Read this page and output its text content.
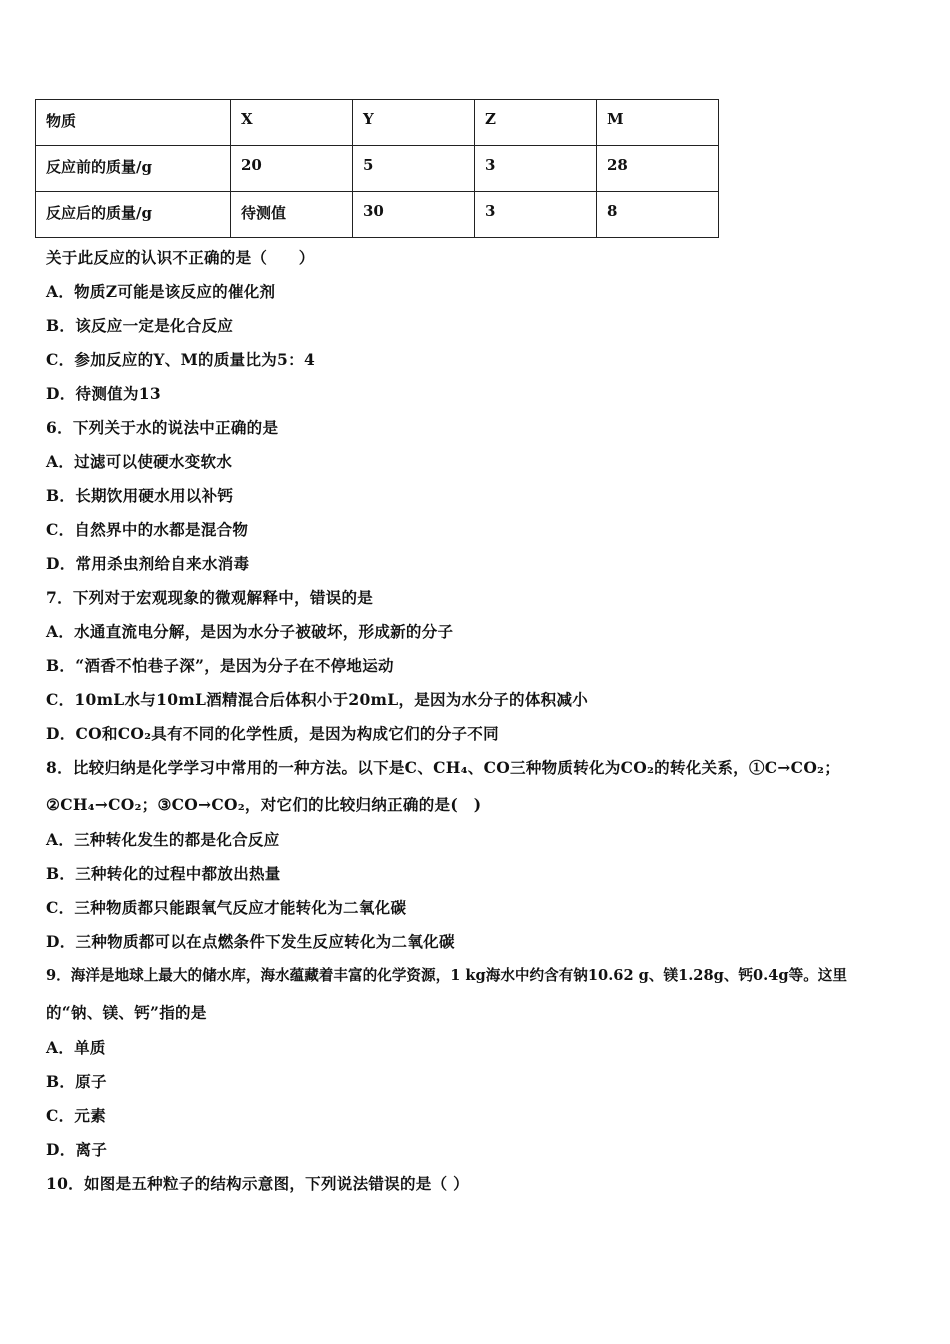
物质	X	Y	Z	M
反应前的质量/g	20	5	3	28
反应后的质量/g	待测值	30	3	8
关于此反应的认识不正确的是（　　）
A．物质Z可能是该反应的催化剂
B．该反应一定是化合反应
C．参加反应的Y、M的质量比为5：4
D．待测值为13
6．下列关于水的说法中正确的是
A．过滤可以使硬水变软水
B．长期饮用硬水用以补钙
C．自然界中的水都是混合物
D．常用杀虫剂给自来水消毒
7．下列对于宏观现象的微观解释中，错误的是
A．水通直流电分解，是因为水分子被破坏，形成新的分子
B．“酒香不怕巷子深”，是因为分子在不停地运动
C．10mL水与10mL酒精混合后体积小于20mL，是因为水分子的体积减小
D．CO和CO₂具有不同的化学性质，是因为构成它们的分子不同
8．比较归纳是化学学习中常用的一种方法。以下是C、CH₄、CO三种物质转化为CO₂的转化关系，①C→CO₂；
②CH₄→CO₂；③CO→CO₂，对它们的比较归纳正确的是(　)
A．三种转化发生的都是化合反应
B．三种转化的过程中都放出热量
C．三种物质都只能跟氧气反应才能转化为二氧化碳
D．三种物质都可以在点燃条件下发生反应转化为二氧化碳
9．海洋是地球上最大的储水库，海水蕴藏着丰富的化学资源，1 kg海水中约含有钠10.62 g、镁1.28g、钙0.4g等。这里
的“钠、镁、钙”指的是
A．单质
B．原子
C．元素
D．离子
10．如图是五种粒子的结构示意图，下列说法错误的是（ ）
